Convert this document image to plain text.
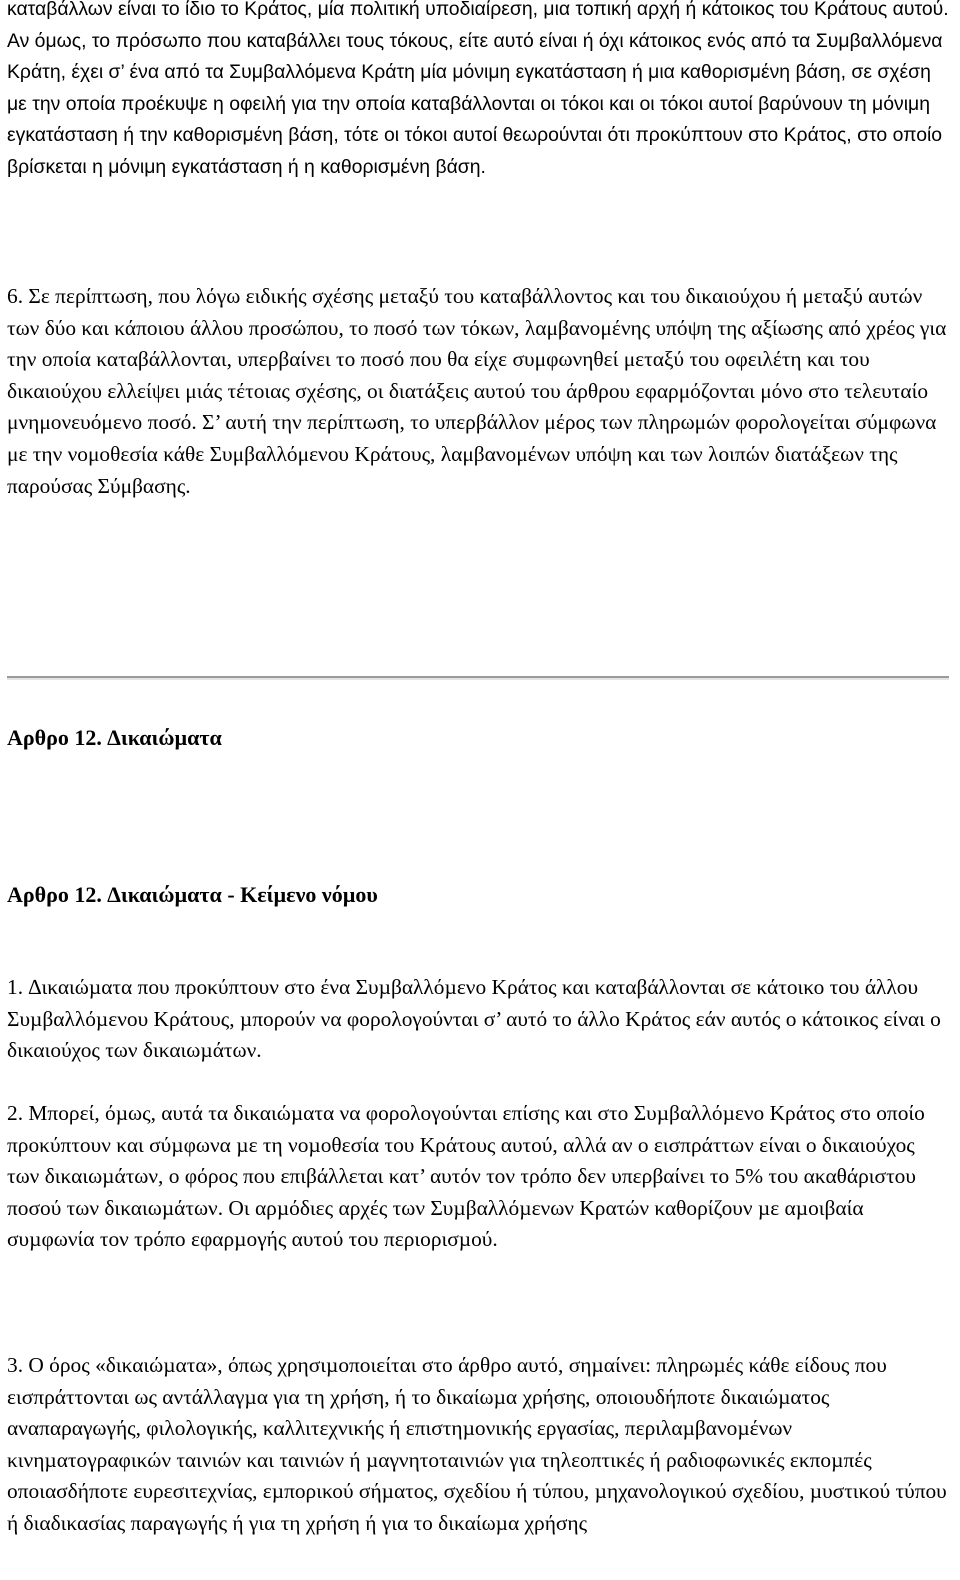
καταβάλλων είναι το ίδιο το Κράτος, μία πολιτική υποδιαίρεση, μια τοπική αρχή ή κάτοικος του Κράτους αυτού. Αν όμως, το πρόσωπο που καταβάλλει τους τόκους, είτε αυτό είναι ή όχι κάτοικος ενός από τα Συμβαλλόμενα Κράτη, έχει σ’ ένα από τα Συμβαλλόμενα Κράτη μία μόνιμη εγκατάσταση ή μια καθορισμένη βάση, σε σχέση με την οποία προέκυψε η οφειλή για την οποία καταβάλλονται οι τόκοι και οι τόκοι αυτοί βαρύνουν τη μόνιμη εγκατάσταση ή την καθορισμένη βάση, τότε οι τόκοι αυτοί θεωρούνται ότι προκύπτουν στο Κράτος, στο οποίο βρίσκεται η μόνιμη εγκατάσταση ή η καθορισμένη βάση.

6. Σε περίπτωση, που λόγω ειδικής σχέσης μεταξύ του καταβάλλοντος και του δικαιούχου ή μεταξύ αυτών των δύο και κάποιου άλλου προσώπου, το ποσό των τόκων, λαμβανομένης υπόψη της αξίωσης από χρέος για την οποία καταβάλλονται, υπερβαίνει το ποσό που θα είχε συμφωνηθεί μεταξύ του οφειλέτη και του δικαιούχου ελλείψει μιάς τέτοιας σχέσης, οι διατάξεις αυτού του άρθρου εφαρμόζονται μόνο στο τελευταίο μνημονευόμενο ποσό. Σ’ αυτή την περίπτωση, το υπερβάλλον μέρος των πληρωμών φορολογείται σύμφωνα με την νομοθεσία κάθε Συμβαλλόμενου Κράτους, λαμβανομένων υπόψη και των λοιπών διατάξεων της παρούσας Σύμβασης.

Αρθρο 12. ∆ικαιώµατα

Αρθρο 12. ∆ικαιώµατα - Κείµενο νόµου

1. ∆ικαιώµατα που προκύπτουν στο ένα Συµβαλλόµενο Κράτος και καταβάλλονται σε κάτοικο του άλλου Συµβαλλόµενου Κράτους, µπορούν να φορολογούνται σ’ αυτό το άλλο Κράτος εάν αυτός ο κάτοικος είναι ο δικαιούχος των δικαιωµάτων.

2. Μπορεί, όµως, αυτά τα δικαιώµατα να φορολογούνται επίσης και στο Συµβαλλόµενο Κράτος στο οποίο προκύπτουν και σύµφωνα µε τη νοµοθεσία του Κράτους αυτού, αλλά αν ο εισπράττων είναι ο δικαιούχος των δικαιωµάτων, ο φόρος που επιβάλλεται κατ’ αυτόν τον τρόπο δεν υπερβαίνει το 5% του ακαθάριστου ποσού των δικαιωµάτων. Οι αρµόδιες αρχές των Συµβαλλόµενων Κρατών καθορίζουν µε αµοιβαία συµφωνία τον τρόπο εφαρµογής αυτού του περιορισµού.

3. Ο όρος «δικαιώµατα», όπως χρησιµοποιείται στο άρθρο αυτό, σηµαίνει: πληρωµές κάθε είδους που εισπράττονται ως αντάλλαγµα για τη χρήση, ή το δικαίωµα χρήσης, οποιουδήποτε δικαιώµατος αναπαραγωγής, φιλολογικής, καλλιτεχνικής ή επιστηµονικής εργασίας, περιλαµβανοµένων κινηµατογραφικών ταινιών και ταινιών ή µαγνητοταινιών για τηλεοπτικές ή ραδιοφωνικές εκποµπές οποιασδήποτε ευρεσιτεχνίας, εµπορικού σήµατος, σχεδίου ή τύπου, µηχανολογικού σχεδίου, µυστικού τύπου ή διαδικασίας παραγωγής ή για τη χρήση ή για το δικαίωµα χρήσης
